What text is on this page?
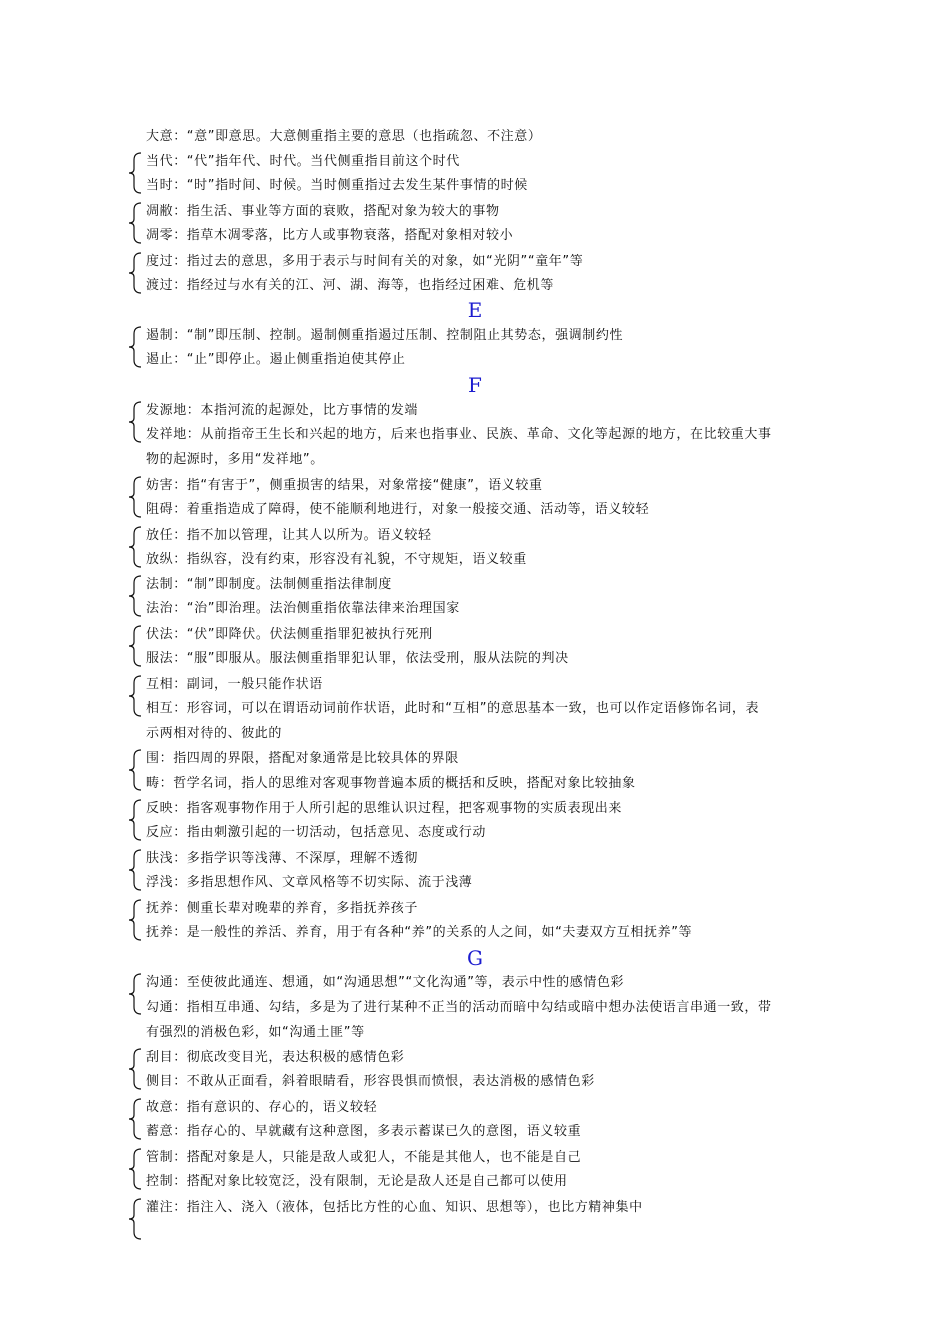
E
F
G
大意：“意”即意思。大意侧重指主要的意思（也指疏忽、不注意）
当代：“代”指年代、时代。当代侧重指目前这个时代
当时：“时”指时间、时候。当时侧重指过去发生某件事情的时候
凋敝：指生活、事业等方面的衰败，搭配对象为较大的事物
凋零：指草木凋零落，比方人或事物衰落，搭配对象相对较小
度过：指过去的意思，多用于表示与时间有关的对象，如“光阴”“童年”等
渡过：指经过与水有关的江、河、湖、海等，也指经过困难、危机等
遏制：“制”即压制、控制。遏制侧重指遏过压制、控制阻止其势态，强调制约性
遏止：“止”即停止。遏止侧重指迫使其停止
发源地：本指河流的起源处，比方事情的发端
发祥地：从前指帝王生长和兴起的地方，后来也指事业、民族、革命、文化等起源的地方，在比较重大事
物的起源时，多用“发祥地”。
妨害：指“有害于”，侧重损害的结果，对象常接“健康”，语义较重
阻碍：着重指造成了障碍，使不能顺利地进行，对象一般接交通、活动等，语义较轻
放任：指不加以管理，让其人以所为。语义较轻
放纵：指纵容，没有约束，形容没有礼貌，不守规矩，语义较重
法制：“制”即制度。法制侧重指法律制度
法治：“治”即治理。法治侧重指依靠法律来治理国家
伏法：“伏”即降伏。伏法侧重指罪犯被执行死刑
服法：“服”即服从。服法侧重指罪犯认罪，依法受刑，服从法院的判决
互相：副词，一般只能作状语
相互：形容词，可以在谓语动词前作状语，此时和“互相”的意思基本一致，也可以作定语修饰名词，表
示两相对待的、彼此的
围：指四周的界限，搭配对象通常是比较具体的界限
畴：哲学名词，指人的思维对客观事物普遍本质的概括和反映，搭配对象比较抽象
反映：指客观事物作用于人所引起的思维认识过程，把客观事物的实质表现出来
反应：指由刺激引起的一切活动，包括意见、态度或行动
肤浅：多指学识等浅薄、不深厚，理解不透彻
浮浅：多指思想作风、文章风格等不切实际、流于浅薄
抚养：侧重长辈对晚辈的养育，多指抚养孩子
抚养：是一般性的养活、养育，用于有各种“养”的关系的人之间，如“夫妻双方互相抚养”等
沟通：至使彼此通连、想通，如“沟通思想”“文化沟通”等，表示中性的感情色彩
勾通：指相互串通、勾结，多是为了进行某种不正当的活动而暗中勾结或暗中想办法使语言串通一致，带
有强烈的消极色彩，如“沟通土匪”等
刮目：彻底改变目光，表达积极的感情色彩
侧目：不敢从正面看，斜着眼睛看，形容畏惧而愤恨，表达消极的感情色彩
故意：指有意识的、存心的，语义较轻
蓄意：指存心的、早就藏有这种意图，多表示蓄谋已久的意图，语义较重
管制：搭配对象是人，只能是敌人或犯人，不能是其他人，也不能是自己
控制：搭配对象比较宽泛，没有限制，无论是敌人还是自己都可以使用
灌注：指注入、浇入（液体，包括比方性的心血、知识、思想等），也比方精神集中
